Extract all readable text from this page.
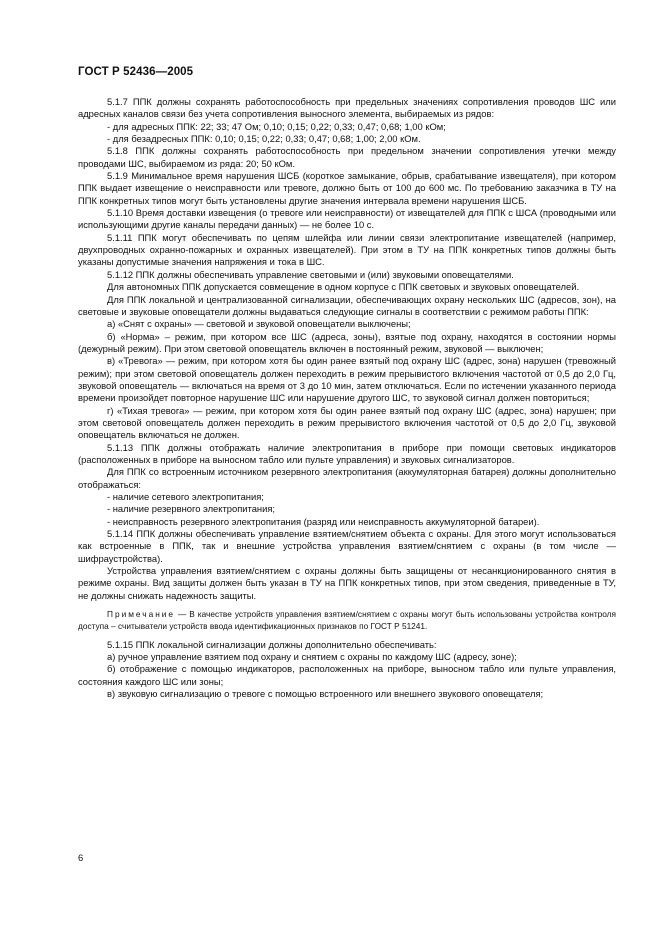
ГОСТ Р 52436—2005

5.1.7 ППК должны сохранять работоспособность при предельных значениях сопротивления проводов ШС или адресных каналов связи без учета сопротивления выносного элемента, выбираемых из рядов:

- для адресных ППК: 22; 33; 47 Ом; 0,10; 0,15; 0,22; 0,33; 0,47; 0,68; 1,00 кОм;

- для безадресных ППК: 0,10; 0,15; 0,22; 0,33; 0,47; 0,68; 1,00; 2,00 кОм.

5.1.8 ППК должны сохранять работоспособность при предельном значении сопротивления утечки между проводами ШС, выбираемом из ряда: 20; 50 кОм.

5.1.9 Минимальное время нарушения ШСБ (короткое замыкание, обрыв, срабатывание извещателя), при котором ППК выдает извещение о неисправности или тревоге, должно быть от 100 до 600 мс. По требованию заказчика в ТУ на ППК конкретных типов могут быть установлены другие значения интервала времени нарушения ШСБ.

5.1.10 Время доставки извещения (о тревоге или неисправности) от извещателей для ППК с ШСА (проводными или использующими другие каналы передачи данных) — не более 10 с.

5.1.11 ППК могут обеспечивать по цепям шлейфа или линии связи электропитание извещателей (например, двухпроводных охранно-пожарных и охранных извещателей). При этом в ТУ на ППК конкретных типов должны быть указаны допустимые значения напряжения и тока в ШС.

5.1.12 ППК должны обеспечивать управление световыми и (или) звуковыми оповещателями.

Для автономных ППК допускается совмещение в одном корпусе с ППК световых и звуковых оповещателей.

Для ППК локальной и централизованной сигнализации, обеспечивающих охрану нескольких ШС (адресов, зон), на световые и звуковые оповещатели должны выдаваться следующие сигналы в соответствии с режимом работы ППК:

а) «Снят с охраны» — световой и звуковой оповещатели выключены;

б) «Норма» – режим, при котором все ШС (адреса, зоны), взятые под охрану, находятся в состоянии нормы (дежурный режим). При этом световой оповещатель включен в постоянный режим, звуковой — выключен;

в) «Тревога» — режим, при котором хотя бы один ранее взятый под охрану ШС (адрес, зона) нарушен (тревожный режим); при этом световой оповещатель должен переходить в режим прерывистого включения частотой от 0,5 до 2,0 Гц, звуковой оповещатель — включаться на время от 3 до 10 мин, затем отключаться. Если по истечении указанного периода времени произойдет повторное нарушение ШС или нарушение другого ШС, то звуковой сигнал должен повториться;

г) «Тихая тревога» — режим, при котором хотя бы один ранее взятый под охрану ШС (адрес, зона) нарушен; при этом световой оповещатель должен переходить в режим прерывистого включения частотой от 0,5 до 2,0 Гц, звуковой оповещатель включаться не должен.

5.1.13 ППК должны отображать наличие электропитания в приборе при помощи световых индикаторов (расположенных в приборе на выносном табло или пульте управления) и звуковых сигнализаторов.

Для ППК со встроенным источником резервного электропитания (аккумуляторная батарея) должны дополнительно отображаться:

- наличие сетевого электропитания;

- наличие резервного электропитания;

- неисправность резервного электропитания (разряд или неисправность аккумуляторной батареи).

5.1.14 ППК должны обеспечивать управление взятием/снятием объекта с охраны. Для этого могут использоваться как встроенные в ППК, так и внешние устройства управления взятием/снятием с охраны (в том числе — шифраустройства).

Устройства управления взятием/снятием с охраны должны быть защищены от несанкционированного снятия в режиме охраны. Вид защиты должен быть указан в ТУ на ППК конкретных типов, при этом сведения, приведенные в ТУ, не должны снижать надежность защиты.

Примечание — В качестве устройств управления взятием/снятием с охраны могут быть использованы устройства контроля доступа – считыватели устройств ввода идентификационных признаков по ГОСТ Р 51241.

5.1.15 ППК локальной сигнализации должны дополнительно обеспечивать:

а) ручное управление взятием под охрану и снятием с охраны по каждому ШС (адресу, зоне);

б) отображение с помощью индикаторов, расположенных на приборе, выносном табло или пульте управления, состояния каждого ШС или зоны;

в) звуковую сигнализацию о тревоге с помощью встроенного или внешнего звукового оповещателя;

6
